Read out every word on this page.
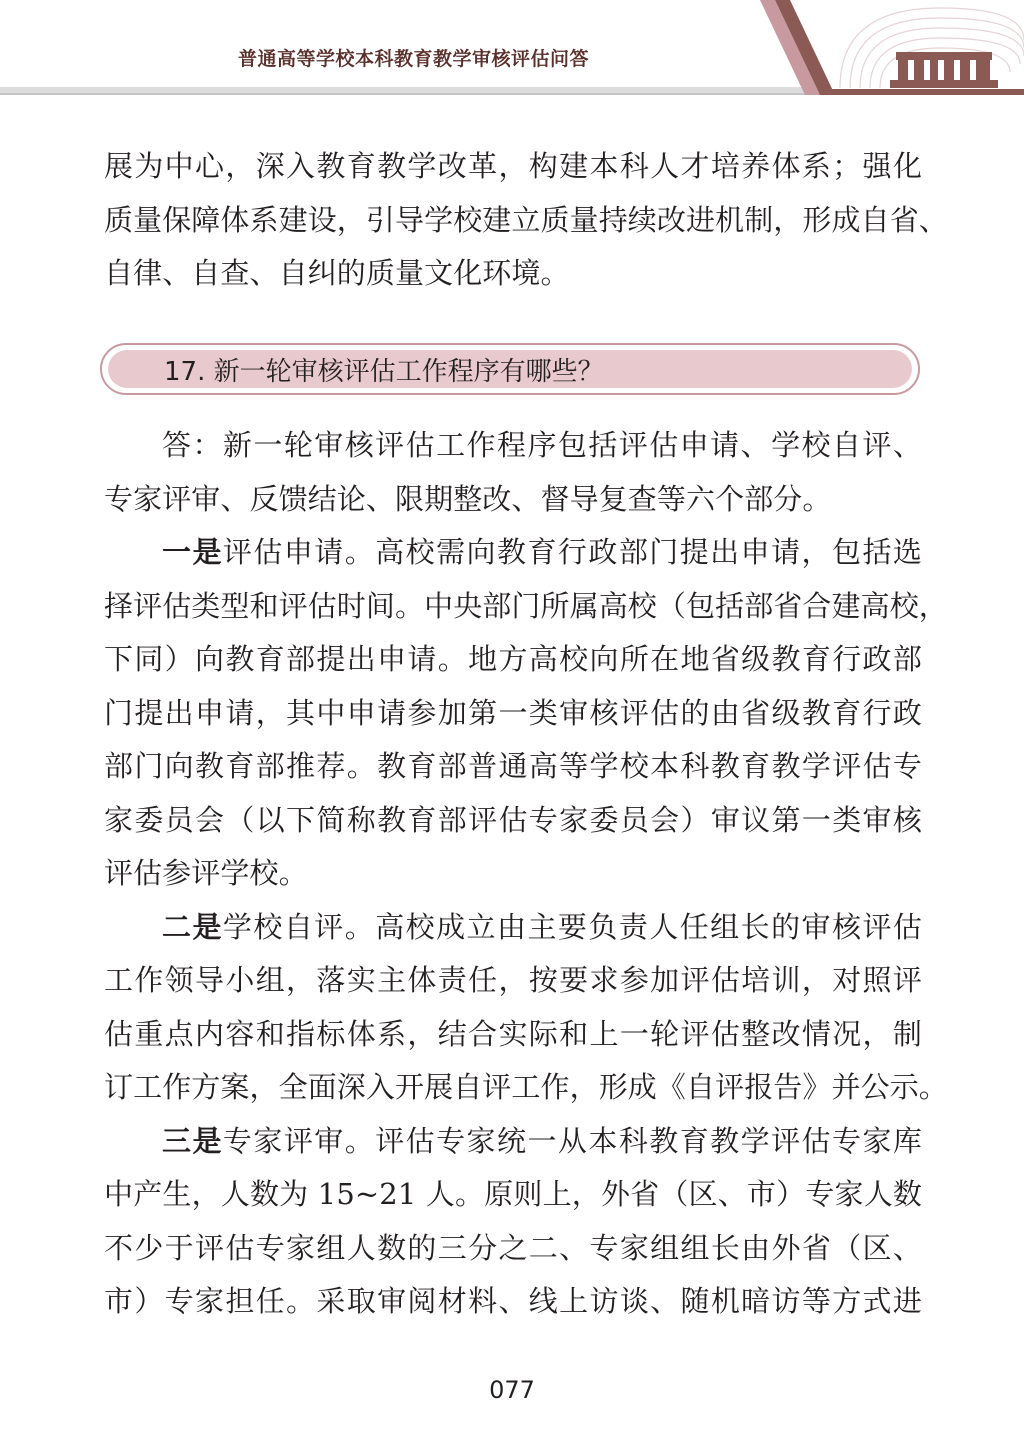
普通高等学校本科教育教学审核评估问答
展为中心，深入教育教学改革，构建本科人才培养体系；强化
质量保障体系建设，引导学校建立质量持续改进机制，形成自省、
自律、自查、自纠的质量文化环境。
17. 新一轮审核评估工作程序有哪些？
答：新一轮审核评估工作程序包括评估申请、学校自评、
专家评审、反馈结论、限期整改、督导复查等六个部分。
一是评估申请。高校需向教育行政部门提出申请，包括选
择评估类型和评估时间。中央部门所属高校（包括部省合建高校，
下同）向教育部提出申请。地方高校向所在地省级教育行政部
门提出申请，其中申请参加第一类审核评估的由省级教育行政
部门向教育部推荐。教育部普通高等学校本科教育教学评估专
家委员会（以下简称教育部评估专家委员会）审议第一类审核
评估参评学校。
二是学校自评。高校成立由主要负责人任组长的审核评估
工作领导小组，落实主体责任，按要求参加评估培训，对照评
估重点内容和指标体系，结合实际和上一轮评估整改情况，制
订工作方案，全面深入开展自评工作，形成《自评报告》并公示。
三是专家评审。评估专家统一从本科教育教学评估专家库
中产生，人数为 15~21 人。原则上，外省（区、市）专家人数
不少于评估专家组人数的三分之二、专家组组长由外省（区、
市）专家担任。采取审阅材料、线上访谈、随机暗访等方式进
077
